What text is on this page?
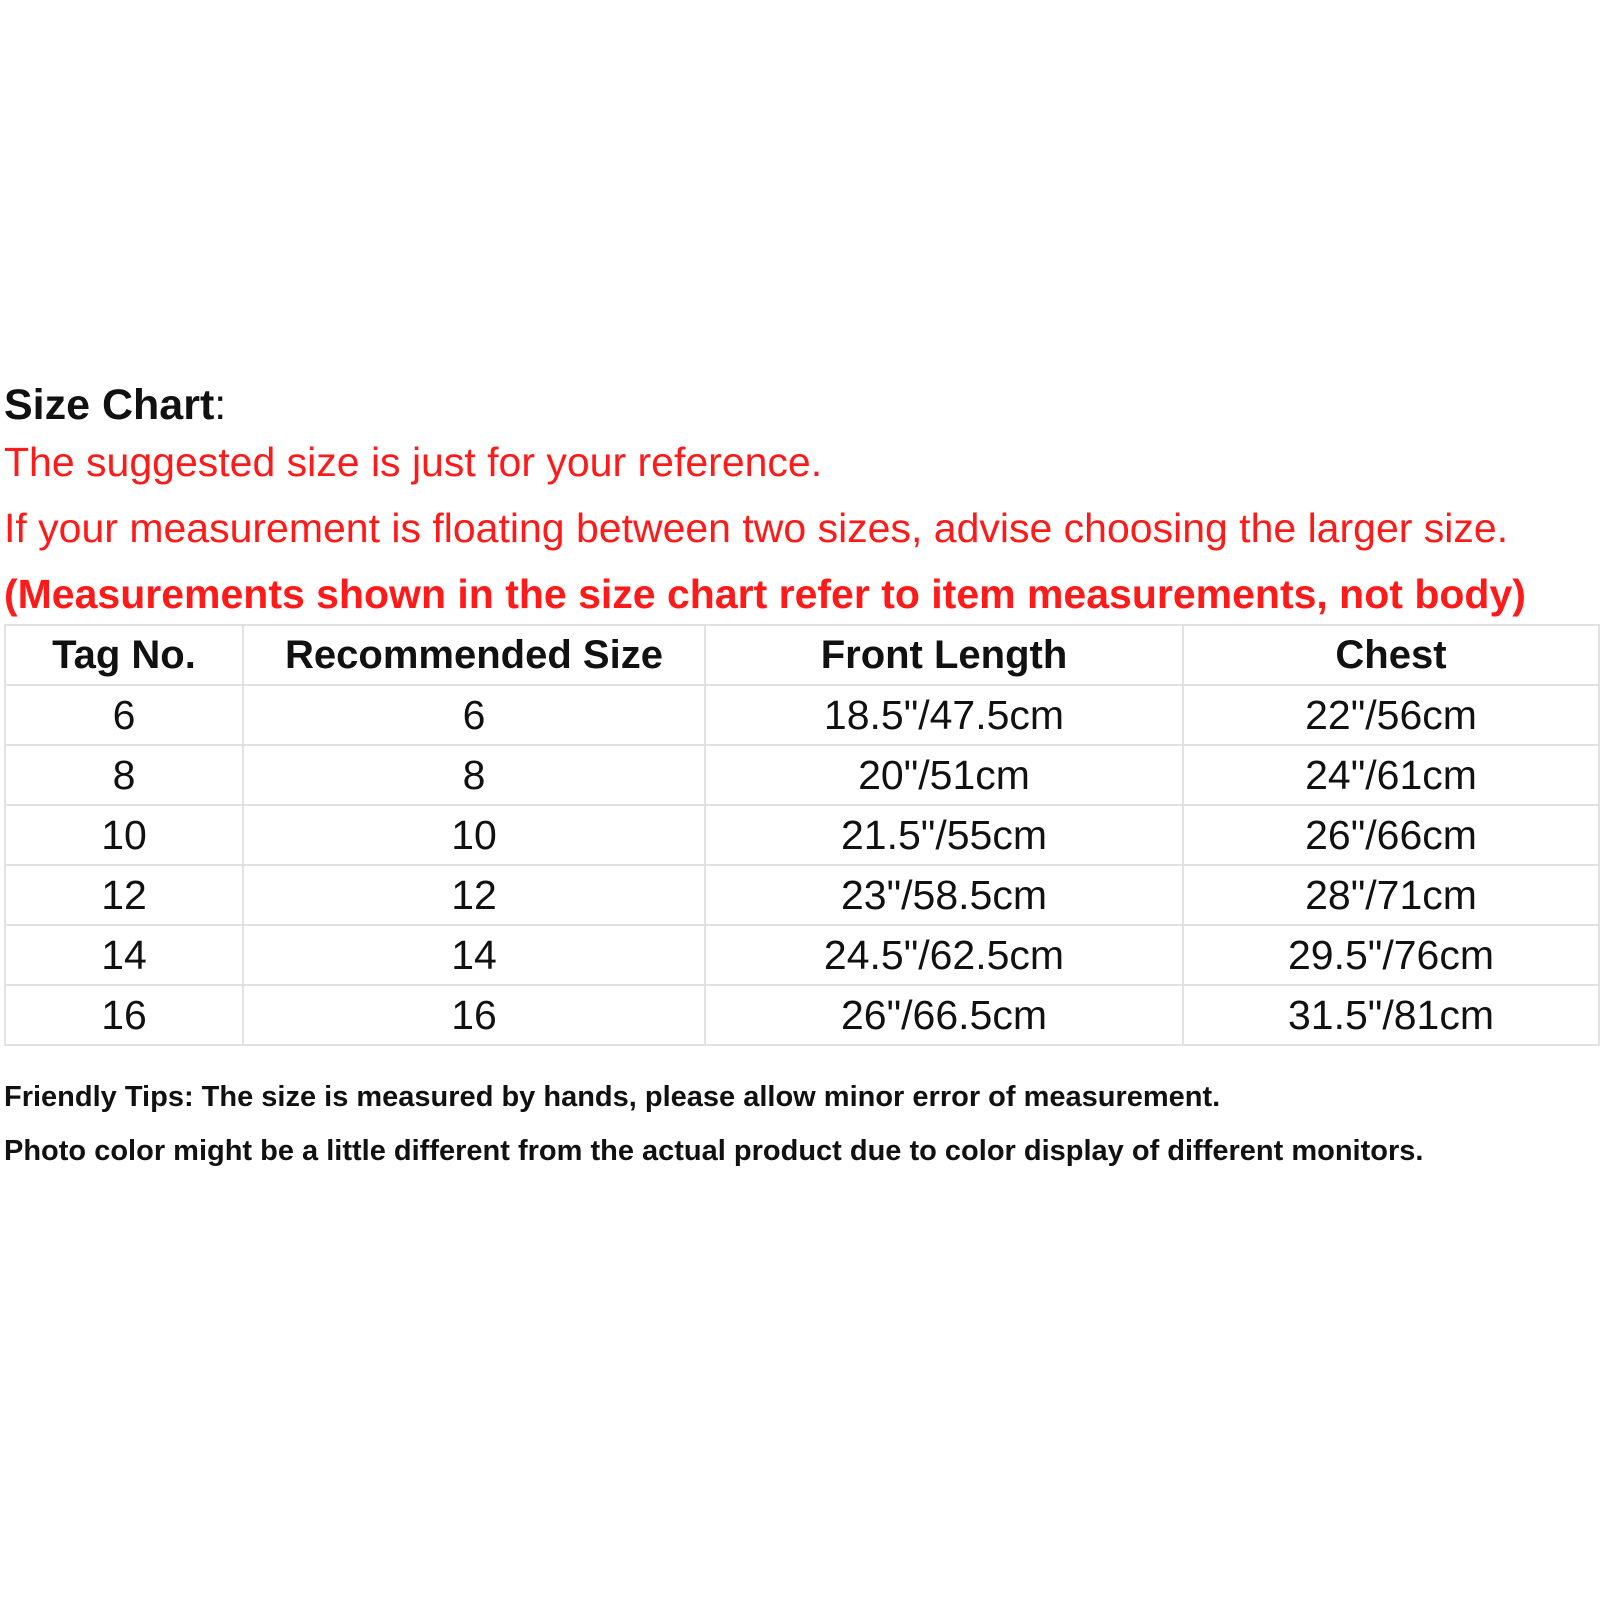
Size Chart:
The suggested size is just for your reference.
If your measurement is floating between two sizes, advise choosing the larger size.
(Measurements shown in the size chart refer to item measurements, not body)
Tag No.	Recommended Size	Front Length	Chest
6	6	18.5"/47.5cm	22"/56cm
8	8	20"/51cm	24"/61cm
10	10	21.5"/55cm	26"/66cm
12	12	23"/58.5cm	28"/71cm
14	14	24.5"/62.5cm	29.5"/76cm
16	16	26"/66.5cm	31.5"/81cm
Friendly Tips: The size is measured by hands, please allow minor error of measurement.
Photo color might be a little different from the actual product due to color display of different monitors.
